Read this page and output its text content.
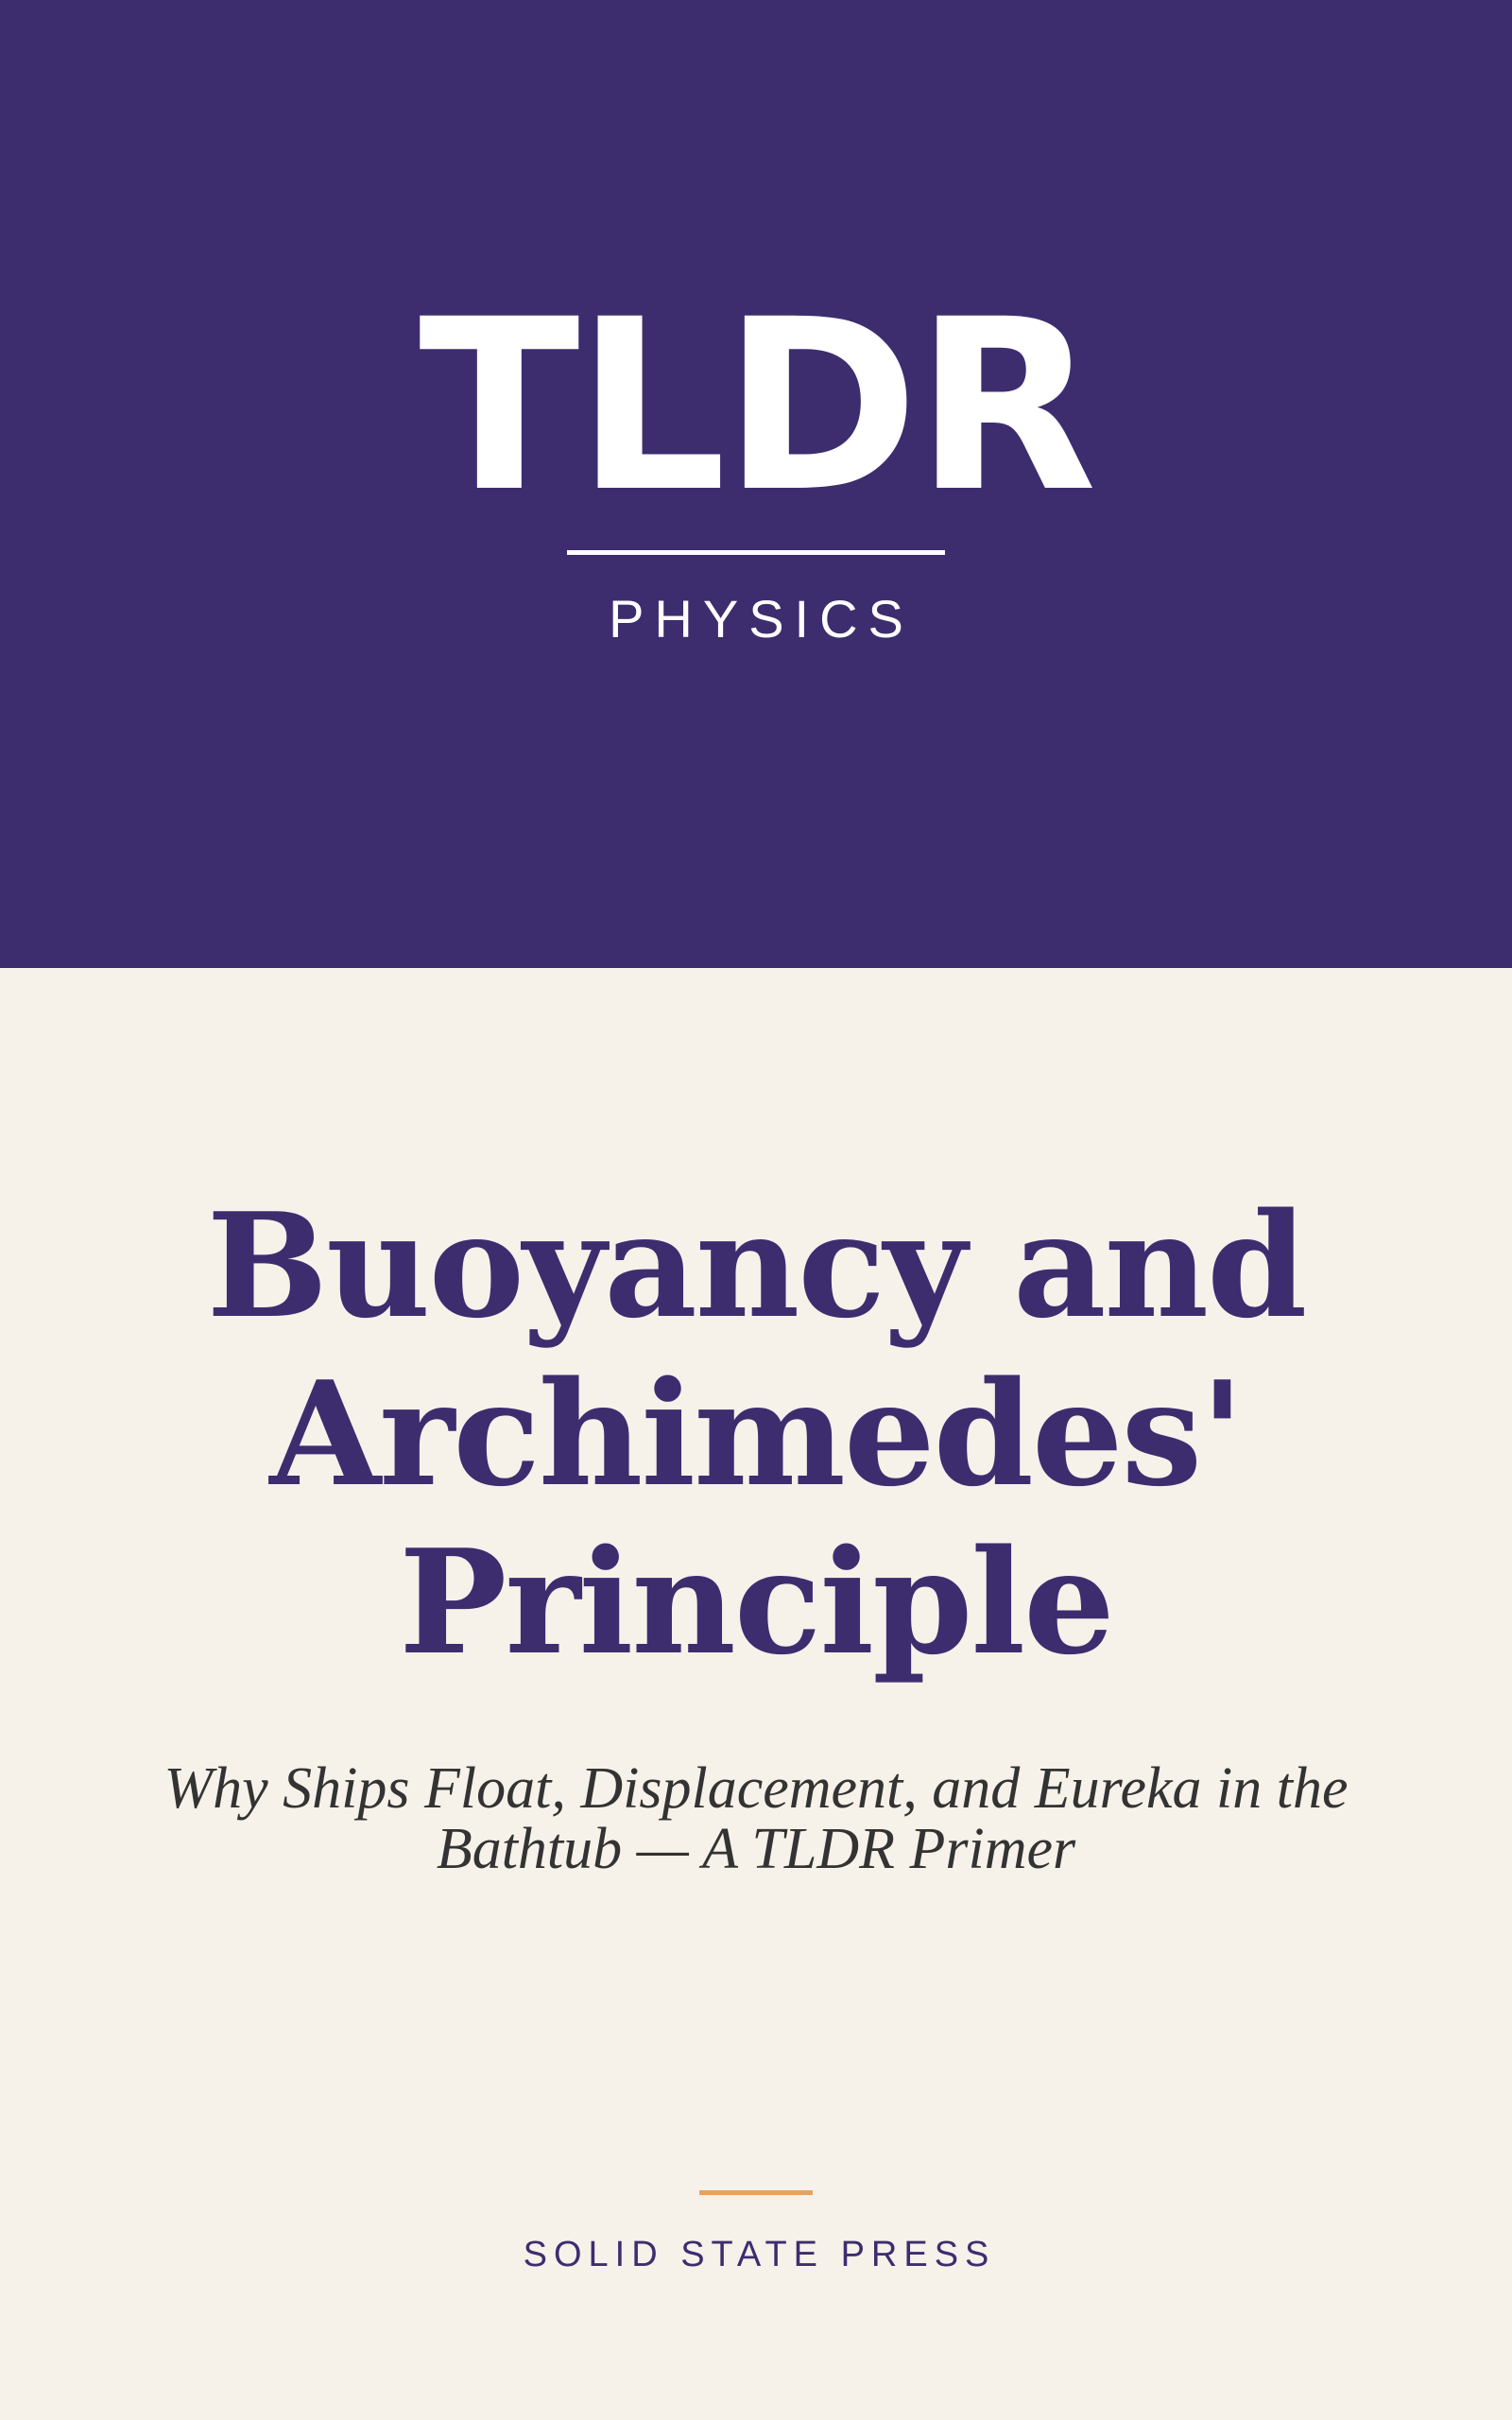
TLDR
PHYSICS
Buoyancy and Archimedes' Principle

Why Ships Float, Displacement, and Eureka in the Bathtub — A TLDR Primer

SOLID STATE PRESS
